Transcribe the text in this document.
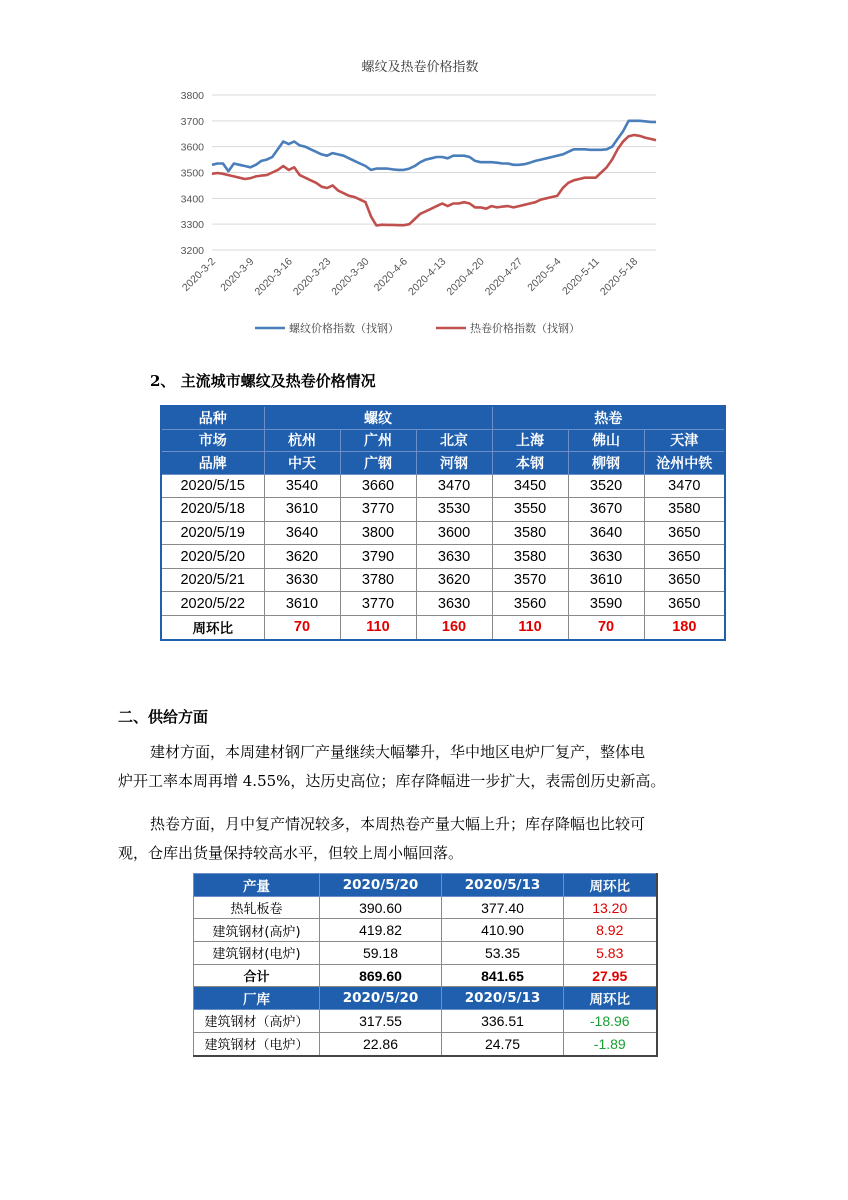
螺纹及热卷价格指数
3200
3300
3400
3500
3600
3700
3800
2020-3-2 2020-3-9
2020-3-16
2020-3-23
2020-3-30 2020-4-6
2020-4-13
2020-4-20
2020-4-27 2020-5-4
2020-5-11
2020-5-18
螺纹价格指数（找钢）	热卷价格指数（找钢）
2、 主流城市螺纹及热卷价格情况
品种	螺纹			热卷		
市场	杭州	广州	北京	上海	佛山	天津
品牌	中天	广钢	河钢	本钢	柳钢	沧州中铁
2020/5/15	3540	3660	3470	3450	3520	3470
2020/5/18	3610	3770	3530	3550	3670	3580
2020/5/19	3640	3800	3600	3580	3640	3650
2020/5/20	3620	3790	3630	3580	3630	3650
2020/5/21	3630	3780	3620	3570	3610	3650
2020/5/22	3610	3770	3630	3560	3590	3650
周环比	70	110	160	110	70	180
二、供给方面
建材方面，本周建材钢厂产量继续大幅攀升，华中地区电炉厂复产，整体电
炉开工率本周再增 4.55%，达历史高位；库存降幅进一步扩大，表需创历史新高。
热卷方面，月中复产情况较多，本周热卷产量大幅上升；库存降幅也比较可
观，仓库出货量保持较高水平，但较上周小幅回落。
产量	2020/5/20	2020/5/13	周环比
热轧板卷	390.60	377.40	13.20
建筑钢材(高炉)	419.82	410.90	8.92
建筑钢材(电炉)	59.18	53.35	5.83
合计	869.60	841.65	27.95
厂库	2020/5/20	2020/5/13	周环比
建筑钢材（高炉）	317.55	336.51	-18.96
建筑钢材（电炉）	22.86	24.75	-1.89
